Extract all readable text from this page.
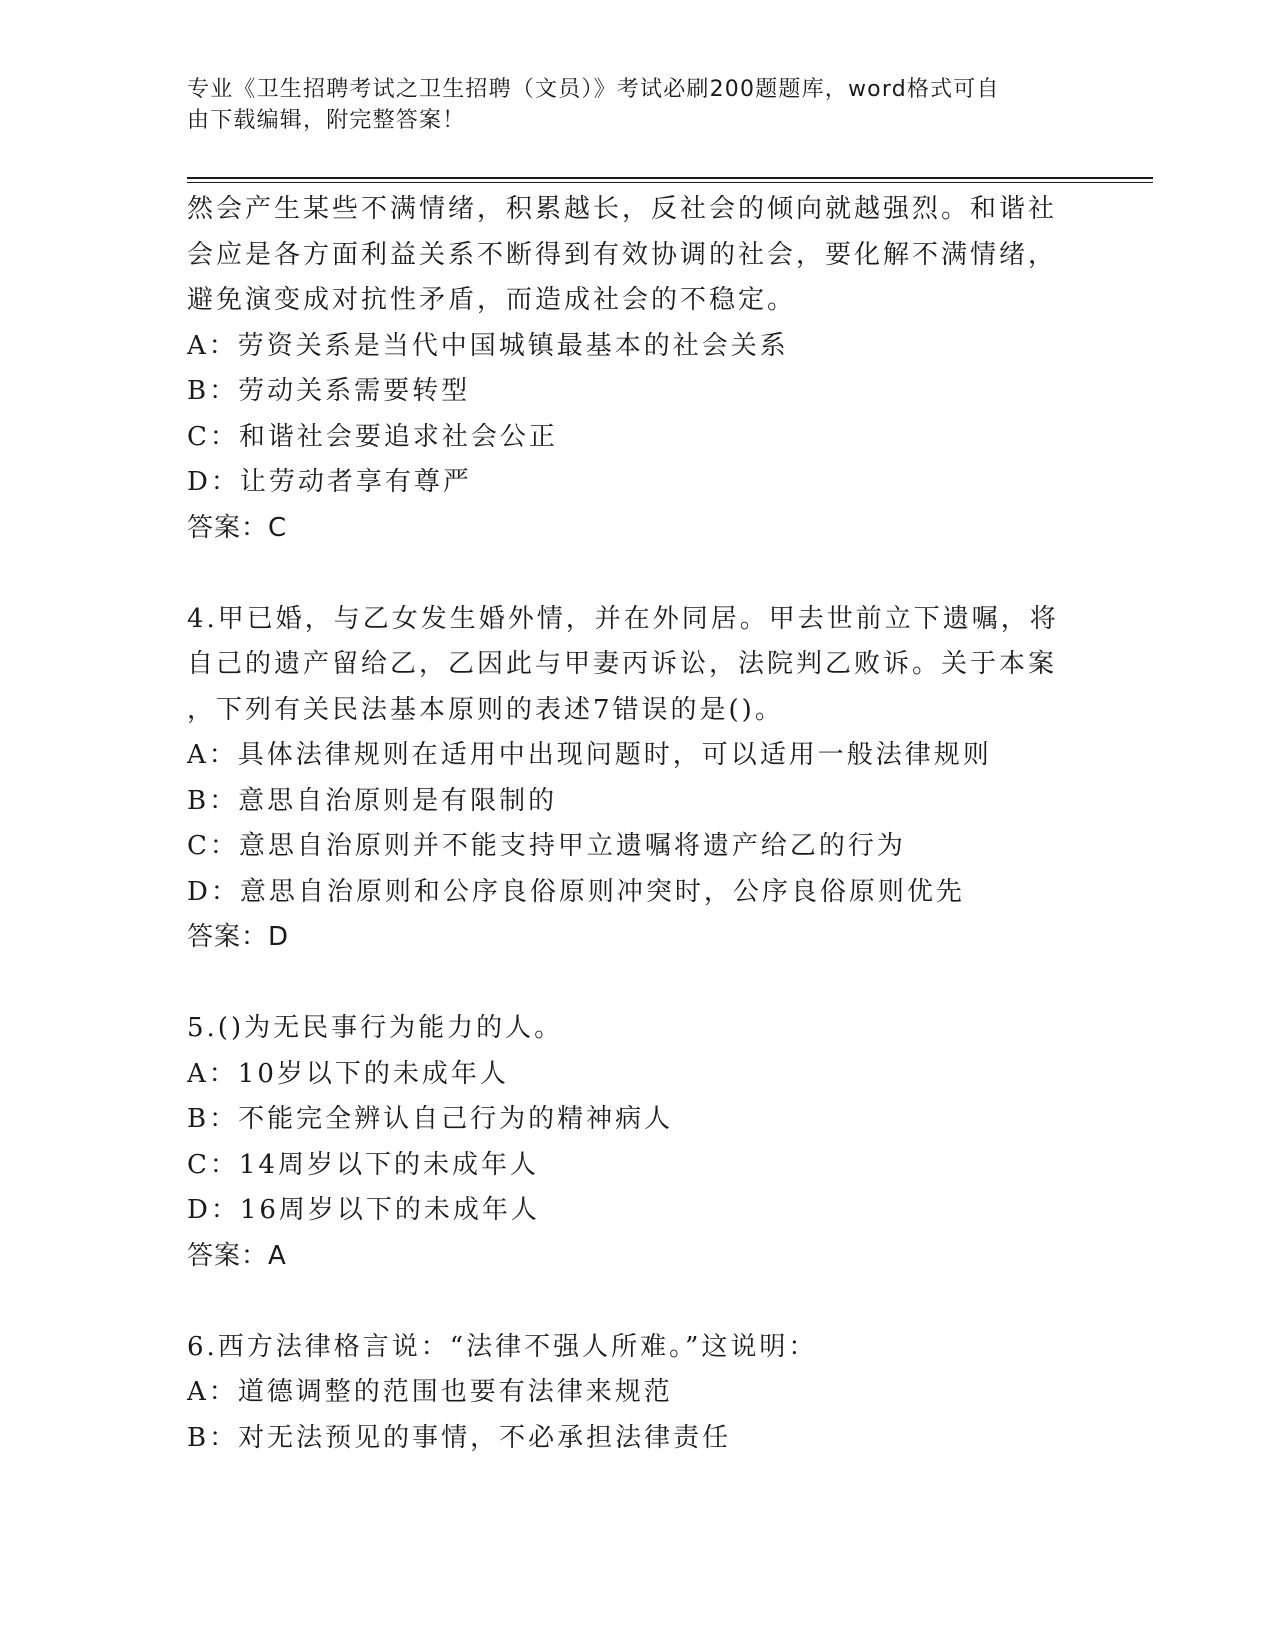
专业《卫生招聘考试之卫生招聘（文员）》考试必刷200题题库，word格式可自
由下载编辑，附完整答案！
然会产生某些不满情绪，积累越长，反社会的倾向就越强烈。和谐社
会应是各方面利益关系不断得到有效协调的社会，要化解不满情绪，
避免演变成对抗性矛盾，而造成社会的不稳定。
A：劳资关系是当代中国城镇最基本的社会关系
B：劳动关系需要转型
C：和谐社会要追求社会公正
D：让劳动者享有尊严
答案：C
4.甲已婚，与乙女发生婚外情，并在外同居。甲去世前立下遗嘱，将
自己的遗产留给乙，乙因此与甲妻丙诉讼，法院判乙败诉。关于本案
，下列有关民法基本原则的表述7错误的是()。
A：具体法律规则在适用中出现问题时，可以适用一般法律规则
B：意思自治原则是有限制的
C：意思自治原则并不能支持甲立遗嘱将遗产给乙的行为
D：意思自治原则和公序良俗原则冲突时，公序良俗原则优先
答案：D
5.()为无民事行为能力的人。
A：10岁以下的未成年人
B：不能完全辨认自己行为的精神病人
C：14周岁以下的未成年人
D：16周岁以下的未成年人
答案：A
6.西方法律格言说：“法律不强人所难。”这说明：
A：道德调整的范围也要有法律来规范
B：对无法预见的事情，不必承担法律责任
